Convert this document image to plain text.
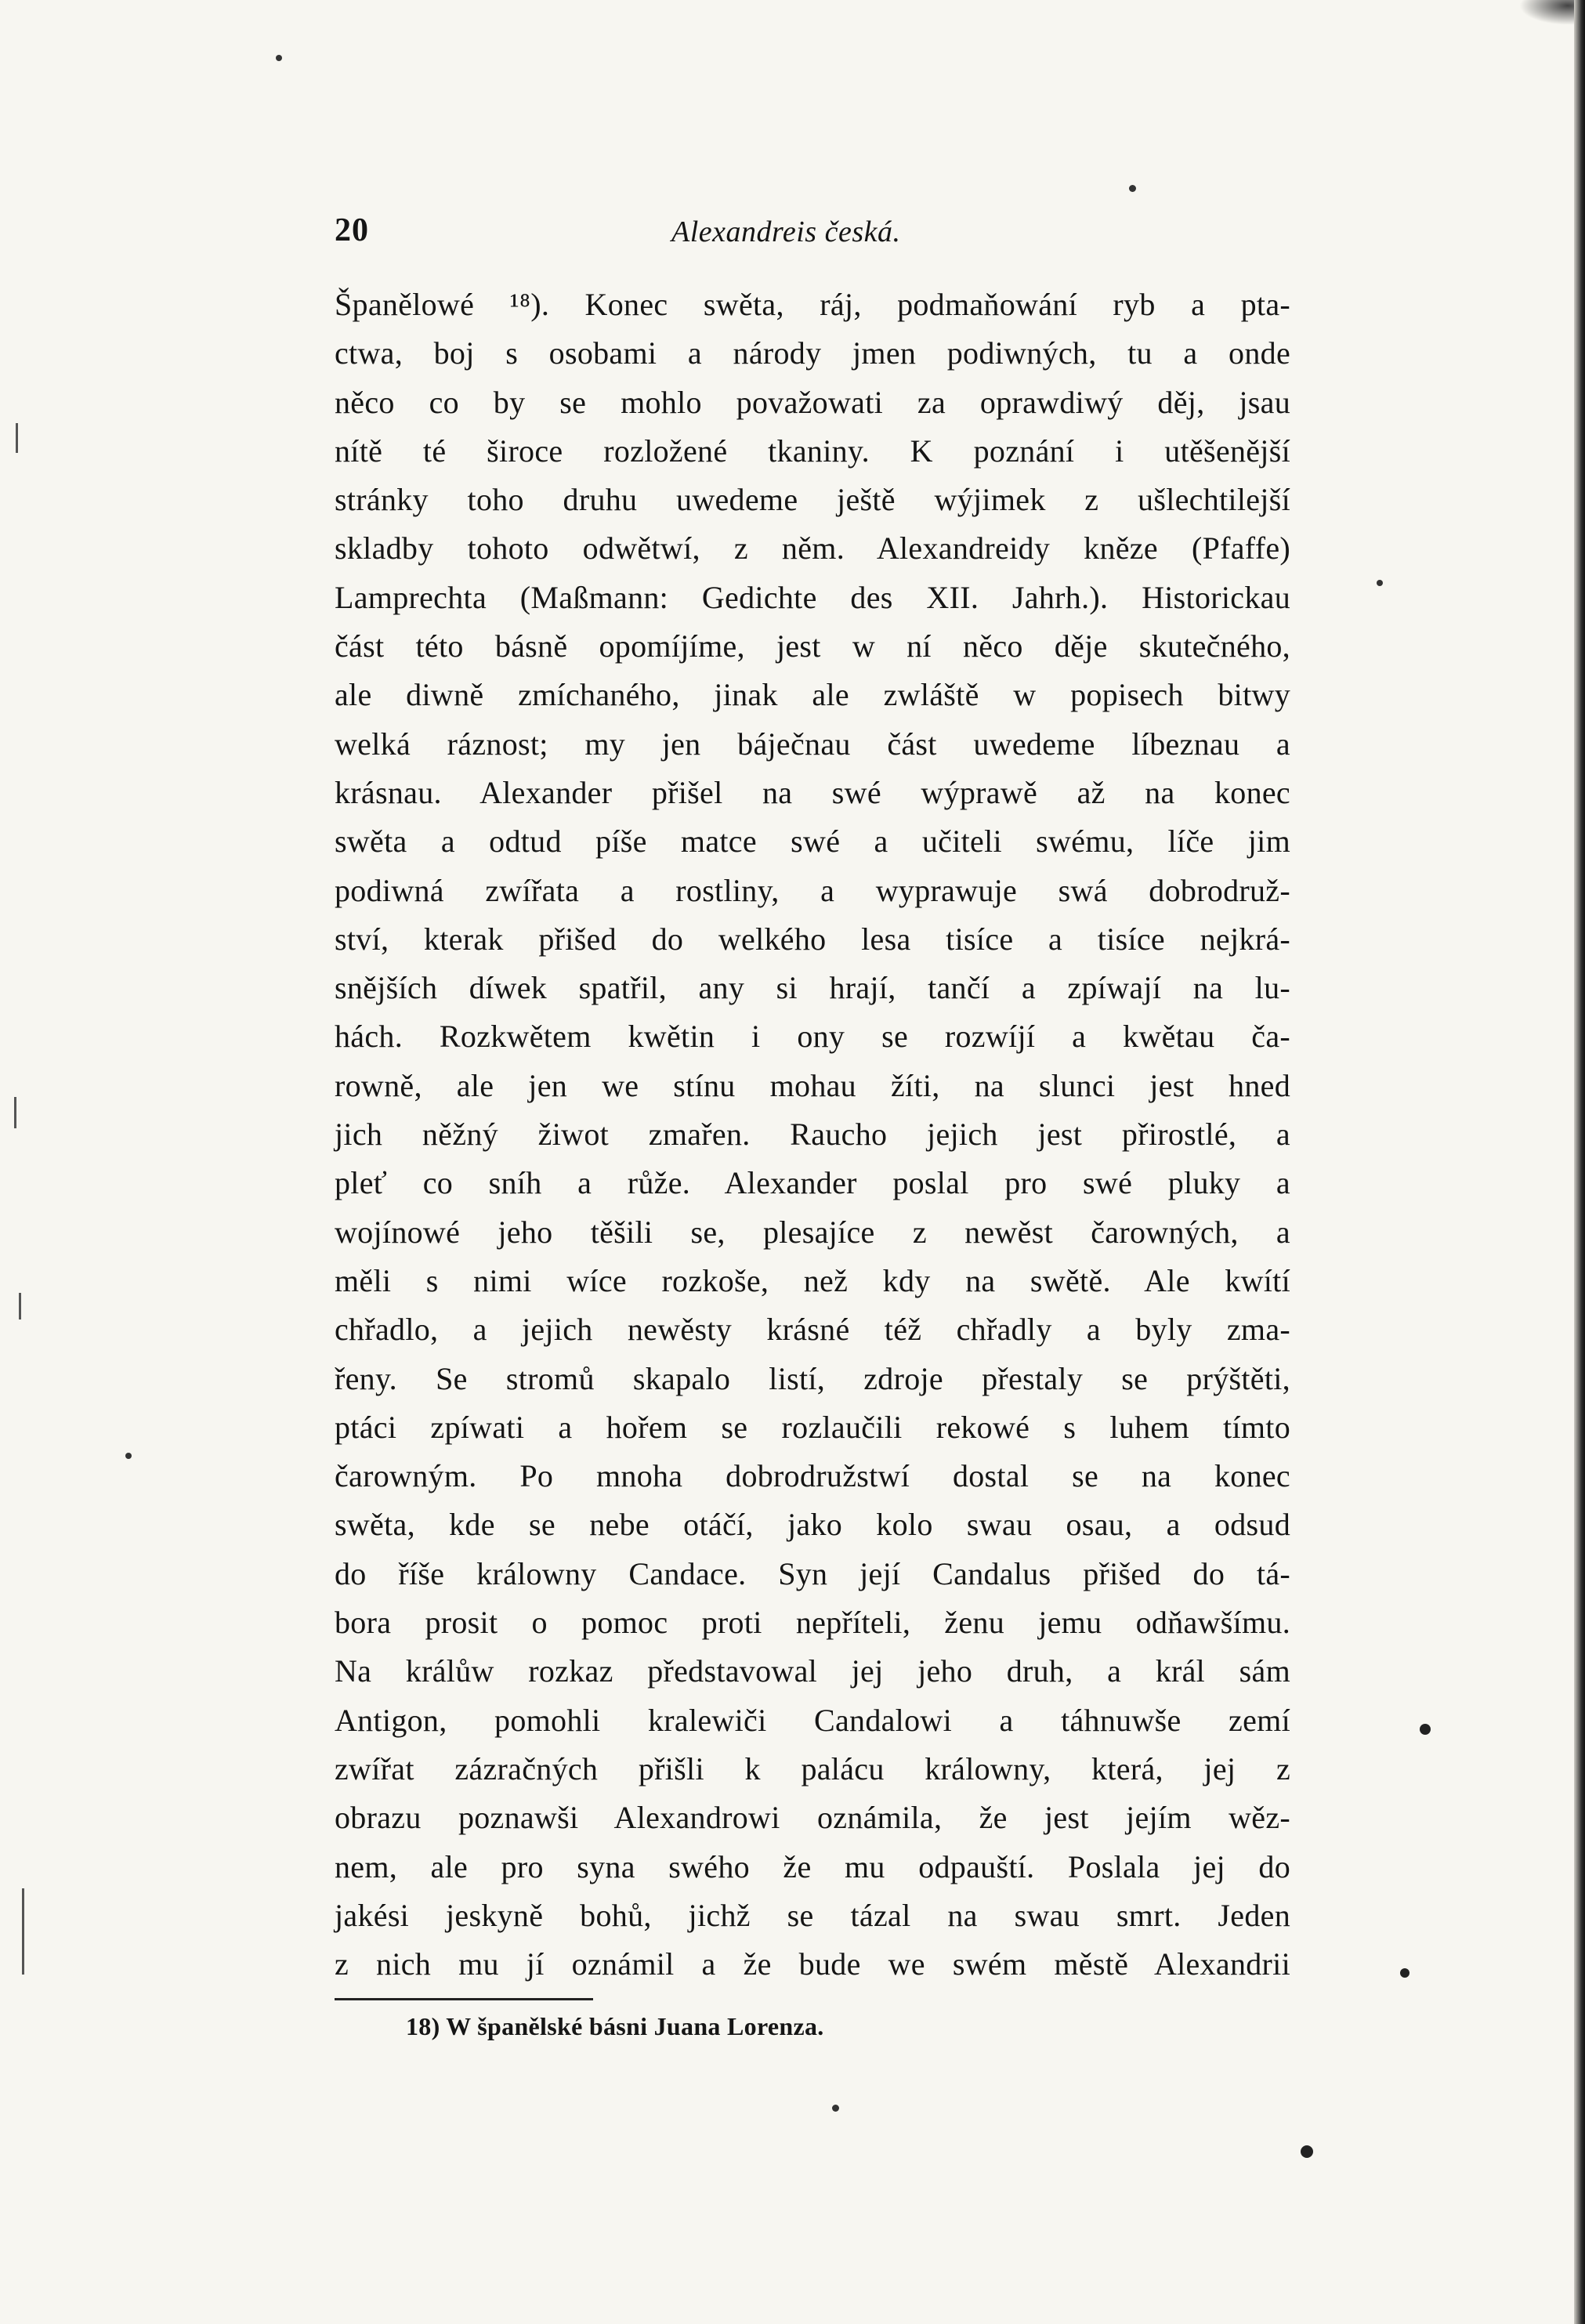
20	Alexandreis česká.
Španělowé ¹⁸). Konec swěta, ráj, podmaňowání ryb a pta-
ctwa, boj s osobami a národy jmen podiwných, tu a onde
něco co by se mohlo považowati za oprawdiwý děj, jsau
nítě té široce rozložené tkaniny. K poznání i utěšenější
stránky toho druhu uwedeme ještě wýjimek z ušlechtilejší
skladby tohoto odwětwí, z něm. Alexandreidy kněze (Pfaffe)
Lamprechta (Maßmann: Gedichte des XII. Jahrh.). Historickau
část této básně opomíjíme, jest w ní něco děje skutečného,
ale diwně zmíchaného, jinak ale zwláště w popisech bitwy
welká ráznost; my jen báječnau část uwedeme líbeznau a
krásnau. Alexander přišel na swé wýprawě až na konec
swěta a odtud píše matce swé a učiteli swému, líče jim
podiwná zwířata a rostliny, a wyprawuje swá dobrodruž-
ství, kterak přišed do welkého lesa tisíce a tisíce nejkrá-
snějších díwek spatřil, any si hrají, tančí a zpíwají na lu-
hách. Rozkwětem kwětin i ony se rozwíjí a kwětau ča-
rowně, ale jen we stínu mohau žíti, na slunci jest hned
jich něžný žiwot zmařen. Raucho jejich jest přirostlé, a
pleť co sníh a růže. Alexander poslal pro swé pluky a
wojínowé jeho těšili se, plesajíce z newěst čarowných, a
měli s nimi wíce rozkoše, než kdy na swětě. Ale kwítí
chřadlo, a jejich newěsty krásné též chřadly a byly zma-
řeny. Se stromů skapalo listí, zdroje přestaly se prýštěti,
ptáci zpíwati a hořem se rozlaučili rekowé s luhem tímto
čarowným. Po mnoha dobrodružstwí dostal se na konec
swěta, kde se nebe otáčí, jako kolo swau osau, a odsud
do říše králowny Candace. Syn její Candalus přišed do tá-
bora prosit o pomoc proti nepříteli, ženu jemu odňawšímu.
Na králůw rozkaz představowal jej jeho druh, a král sám
Antigon, pomohli kralewiči Candalowi a táhnuwše zemí
zwířat zázračných přišli k palácu králowny, která, jej z
obrazu poznawši Alexandrowi oznámila, že jest jejím wěz-
nem, ale pro syna swého že mu odpauští. Poslala jej do
jakési jeskyně bohů, jichž se tázal na swau smrt. Jeden
z nich mu jí oznámil a že bude we swém městě Alexandrii
18) W španělské básni Juana Lorenza.
